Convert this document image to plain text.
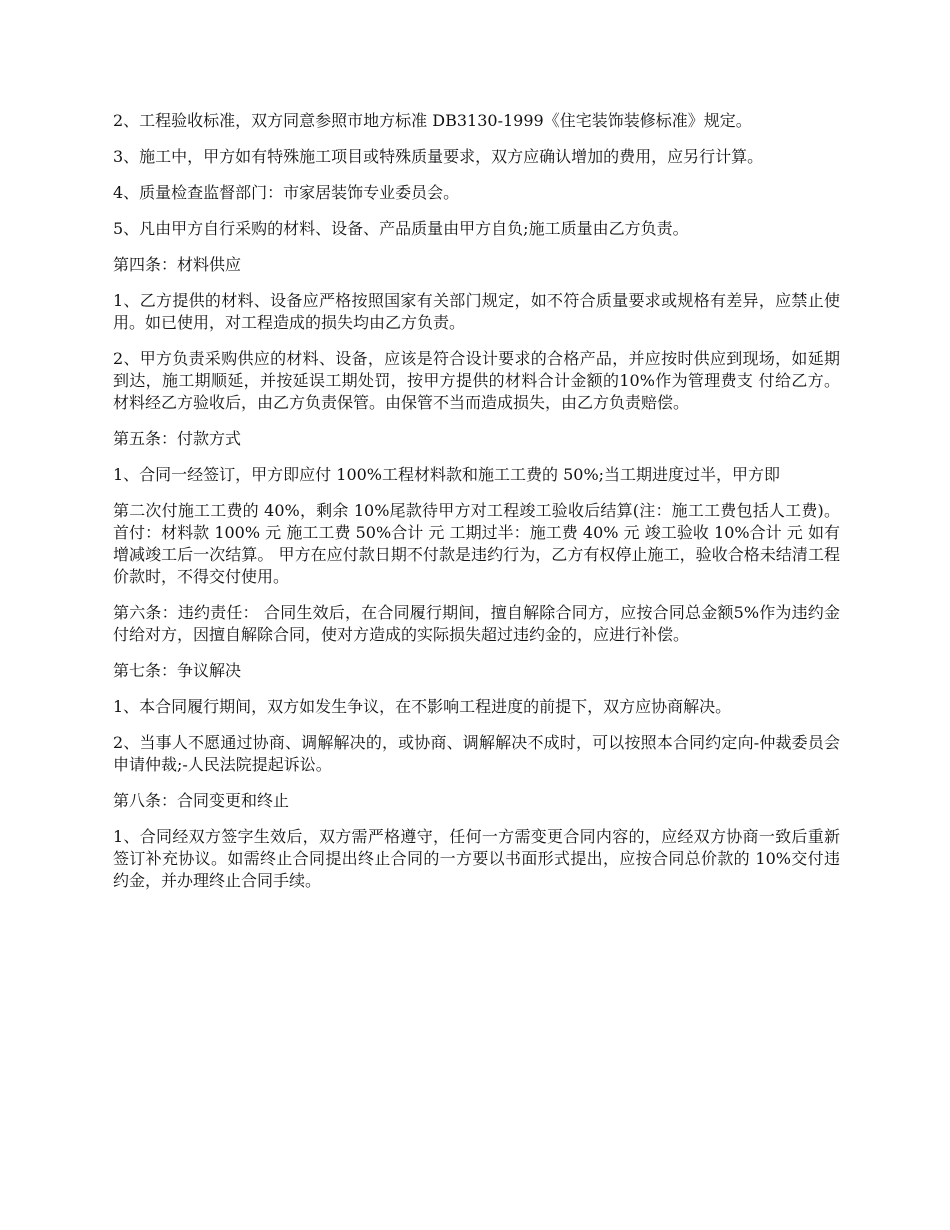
2、工程验收标准，双方同意参照市地方标准 DB3130-1999《住宅装饰装修标准》规定。

3、施工中，甲方如有特殊施工项目或特殊质量要求，双方应确认增加的费用，应另行计算。

4、质量检查监督部门：市家居装饰专业委员会。

5、凡由甲方自行采购的材料、设备、产品质量由甲方自负;施工质量由乙方负责。

第四条：材料供应

1、乙方提供的材料、设备应严格按照国家有关部门规定，如不符合质量要求或规格有差异，应禁止使用。如已使用，对工程造成的损失均由乙方负责。

2、甲方负责采购供应的材料、设备，应该是符合设计要求的合格产品，并应按时供应到现场，如延期到达，施工期顺延，并按延误工期处罚，按甲方提供的材料合计金额的10%作为管理费支 付给乙方。材料经乙方验收后，由乙方负责保管。由保管不当而造成损失，由乙方负责赔偿。

第五条：付款方式

1、合同一经签订，甲方即应付 100%工程材料款和施工工费的 50%;当工期进度过半，甲方即

第二次付施工工费的 40%，剩余 10%尾款待甲方对工程竣工验收后结算(注：施工工费包括人工费)。 首付：材料款 100% 元 施工工费 50%合计 元 工期过半：施工费 40% 元 竣工验收 10%合计 元 如有增减竣工后一次结算。 甲方在应付款日期不付款是违约行为，乙方有权停止施工，验收合格未结清工程价款时，不得交付使用。

第六条：违约责任： 合同生效后，在合同履行期间，擅自解除合同方，应按合同总金额5%作为违约金付给对方，因擅自解除合同，使对方造成的实际损失超过违约金的，应进行补偿。

第七条：争议解决

1、本合同履行期间，双方如发生争议，在不影响工程进度的前提下，双方应协商解决。

2、当事人不愿通过协商、调解解决的，或协商、调解解决不成时，可以按照本合同约定向-仲裁委员会申请仲裁;-人民法院提起诉讼。

第八条：合同变更和终止

1、合同经双方签字生效后，双方需严格遵守，任何一方需变更合同内容的，应经双方协商一致后重新签订补充协议。如需终止合同提出终止合同的一方要以书面形式提出，应按合同总价款的 10%交付违约金，并办理终止合同手续。
